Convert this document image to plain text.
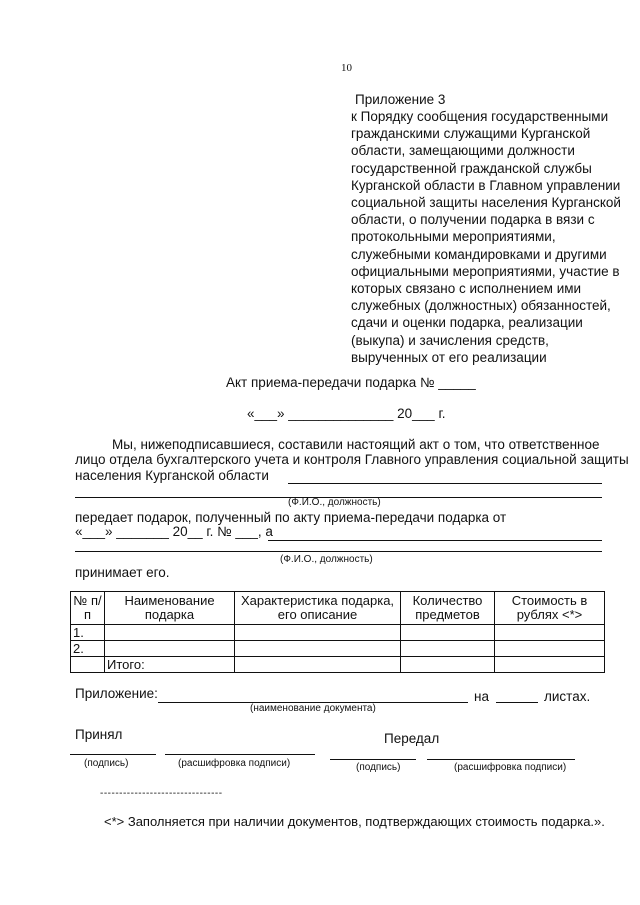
10
Приложение 3
к Порядку сообщения государственными
гражданскими служащими Курганской
области, замещающими должности
государственной гражданской службы
Курганской области в Главном управлении
социальной защиты населения Курганской
области, о получении подарка в вязи с
протокольными мероприятиями,
служебными командировками и другими
официальными мероприятиями, участие в
которых связано с исполнением ими
служебных (должностных) обязанностей,
сдачи и оценки подарка, реализации
(выкупа) и зачисления средств,
вырученных от его реализации
Акт приема-передачи подарка № _____
«___» ______________ 20___ г.
Мы, нижеподписавшиеся, составили настоящий акт о том, что ответственное
лицо отдела бухгалтерского учета и контроля Главного управления социальной защиты
населения Курганской области
(Ф.И.О., должность)
передает подарок, полученный по акту приема-передачи подарка от
«___» _______ 20__ г. № ___, а
(Ф.И.О., должность)
принимает его.
№ п/п	Наименование подарка	Характеристика подарка, его описание	Количество предметов	Стоимость в рублях <*>
1.				
2.				
	Итого:			
Приложение:	на	листах.
(наименование документа)
Принял	Передал
(подпись)	(расшифровка подписи)	(подпись)	(расшифровка подписи)
--------------------------------
<*> Заполняется при наличии документов, подтверждающих стоимость подарка.».
